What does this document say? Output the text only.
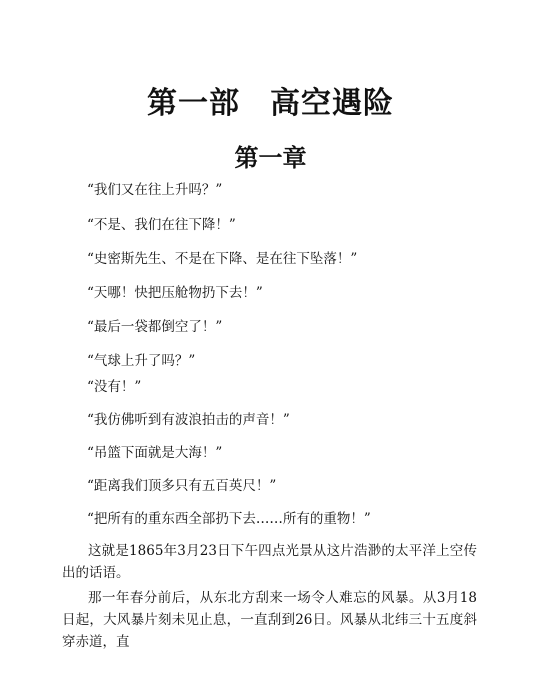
第一部 高空遇险
第一章
“我们又在往上升吗？”
“不是、我们在往下降！”
“史密斯先生、不是在下降、是在往下坠落！”
“天哪！快把压舱物扔下去！”
“最后一袋都倒空了！”
“气球上升了吗？”
“没有！”
“我仿佛听到有波浪拍击的声音！”
“吊篮下面就是大海！”
“距离我们顶多只有五百英尺！”
“把所有的重东西全部扔下去……所有的重物！”
这就是1865年3月23日下午四点光景从这片浩渺的太平洋上空传出的话语。
那一年春分前后，从东北方刮来一场令人难忘的风暴。从3月18日起，大风暴片刻未见止息，一直刮到26日。风暴从北纬三十五度斜穿赤道，直
